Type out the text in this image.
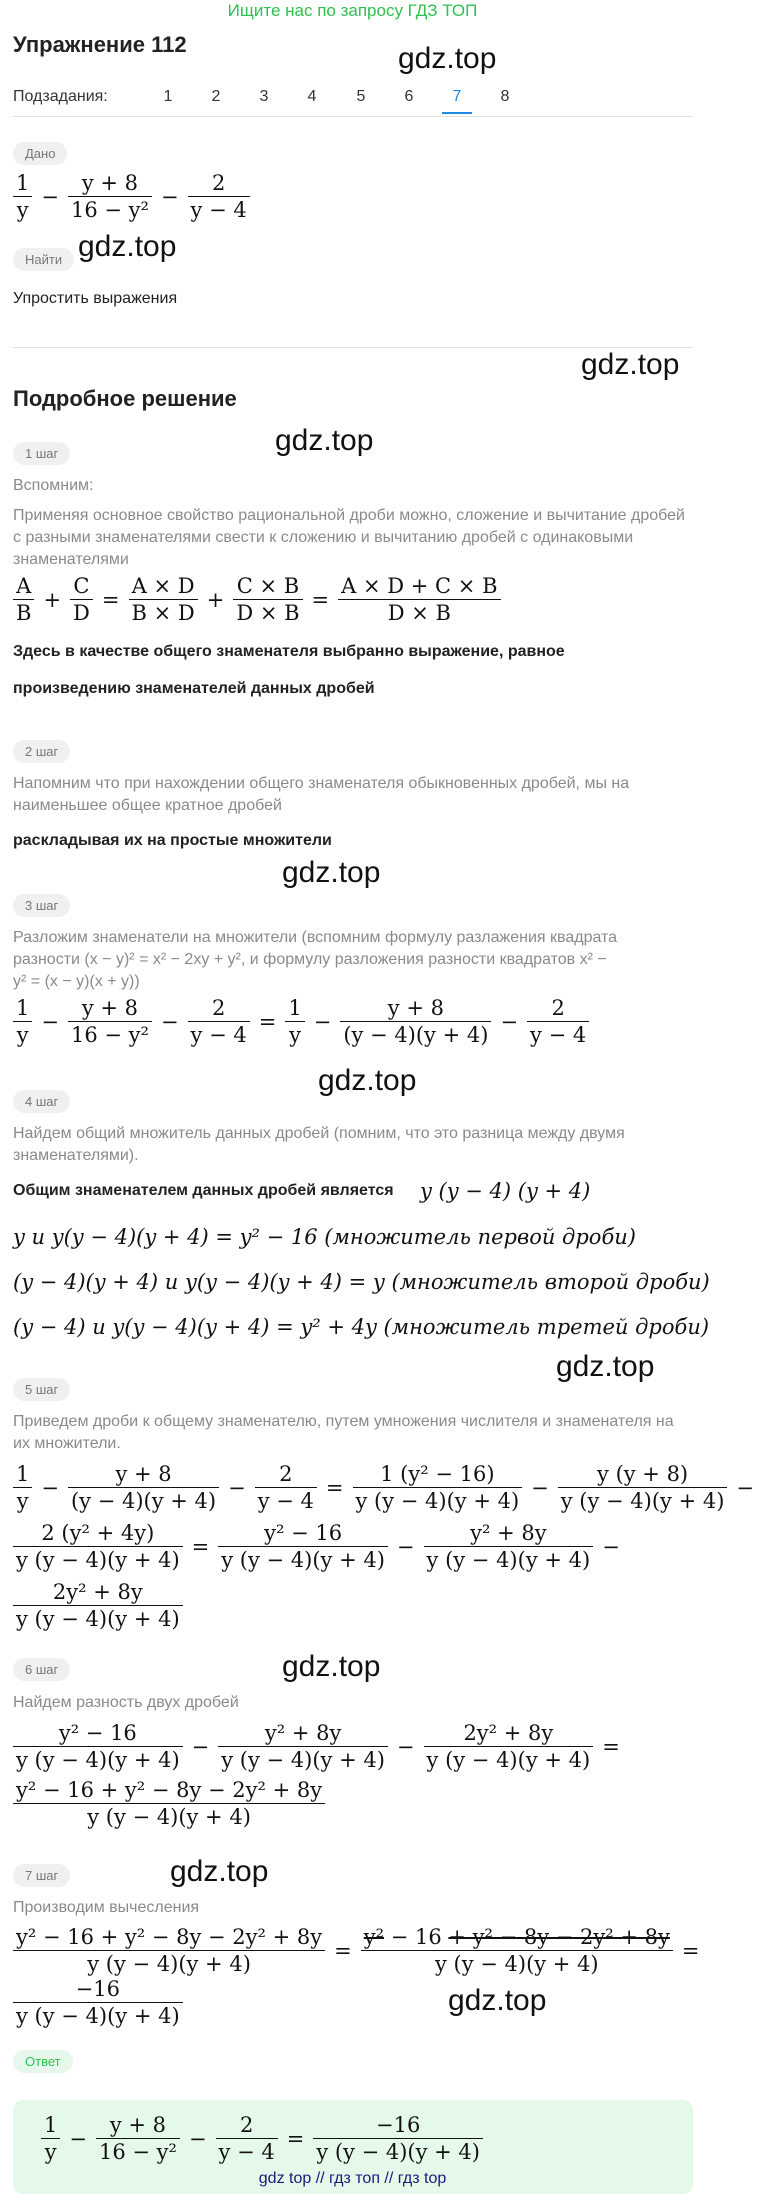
Ищите нас по запросу ГДЗ ТОП
Упражнение 112	gdz.top
Подзадания:	1	2	3	4	5	6	7	8
Дано
$\frac{1}{y} - \frac{y + 8}{\text{16 − y²}} - \frac{2}{y - 4}$
Найти gdz.top
Упростить выражения
gdz.top
Подробное решение
1 шаг	gdz.top
Вспомним:
Применяя основное свойство рациональной дроби можно, сложение и вычитание дробей с разными знаменателями свести к сложению и вычитанию дробей с одинаковыми знаменателями
$\frac{A}{B} + \frac{C}{D} = \frac{A \times D}{B \times D} + \frac{C \times B}{D \times B} = \frac{A \times D + C \times B}{D \times B}$
Здесь в качестве общего знаменателя выбранно выражение, равное
произведению знаменателей данных дробей
2 шаг
Напомним что при нахождении общего знаменателя обыкновенных дробей, мы на наименьшее общее кратное дробей
раскладывая их на простые множители
gdz.top
3 шаг
Разложим знаменатели на множители (вспомним формулу разлажения квадрата
разности (x − y)² = x² − 2xy + y², и формулу разложения разности квадратов x² −
y² = (x − y)(x + y))
$\frac{1}{y} - \frac{y + 8}{\text{16 − y²}} - \frac{2}{y - 4} = \frac{1}{y} - \frac{y + 8}{(y - 4)(y + 4)} - \frac{2}{y - 4}$
gdz.top
4 шаг
Найдем общий множитель данных дробей (помним, что это разница между двумя знаменателями).
Общим знаменателем данных дробей является y (y − 4) (y + 4)
y и y(y − 4)(y + 4) = y² − 16 (множитель первой дроби)
(y − 4)(y + 4) и y(y − 4)(y + 4) = y (множитель второй дроби)
(y − 4) и y(y − 4)(y + 4) = y² + 4y (множитель третей дроби)
gdz.top
5 шаг
Приведем дроби к общему знаменателю, путем умножения числителя и знаменателя на их множители.
$\frac{1}{y} - \frac{y + 8}{(y - 4)(y + 4)} - \frac{2}{y - 4} = \frac{\text{1 (y² − 16)}}{y (y - 4)(y + 4)} - \frac{y (y + 8)}{y (y - 4)(y + 4)}$ −
$\frac{\text{2 (y² + 4y)}}{y (y - 4)(y + 4)} = \frac{\text{y² − 16}}{y (y - 4)(y + 4)} - \frac{\text{y² + 8y}}{y (y - 4)(y + 4)}$ −
$\frac{\text{2y² + 8y}}{y (y - 4)(y + 4)}$
gdz.top
6 шаг
Найдем разность двух дробей
$\frac{\text{y² − 16}}{y (y - 4)(y + 4)} - \frac{\text{y² + 8y}}{y (y - 4)(y + 4)} - \frac{\text{2y² + 8y}}{y (y - 4)(y + 4)}$ =
$\frac{\text{y² − 16 + y² − 8y − 2y² + 8y}}{y (y - 4)(y + 4)}$
gdz.top
7 шаг
Производим вычесления
$\frac{\text{y² − 16 + y² − 8y − 2y² + 8y}}{y (y - 4)(y + 4)} = \frac{\text{y² − 16 + y² − 8y − 2y² + 8y}}{y (y - 4)(y + 4)}$ =
gdz.top
$\frac{-16}{y (y - 4)(y + 4)}$
Ответ
$\frac{1}{y} - \frac{y + 8}{\text{16 − y²}} - \frac{2}{y - 4} = \frac{-16}{y (y - 4)(y + 4)}$
gdz top // гдз топ // гдз top
